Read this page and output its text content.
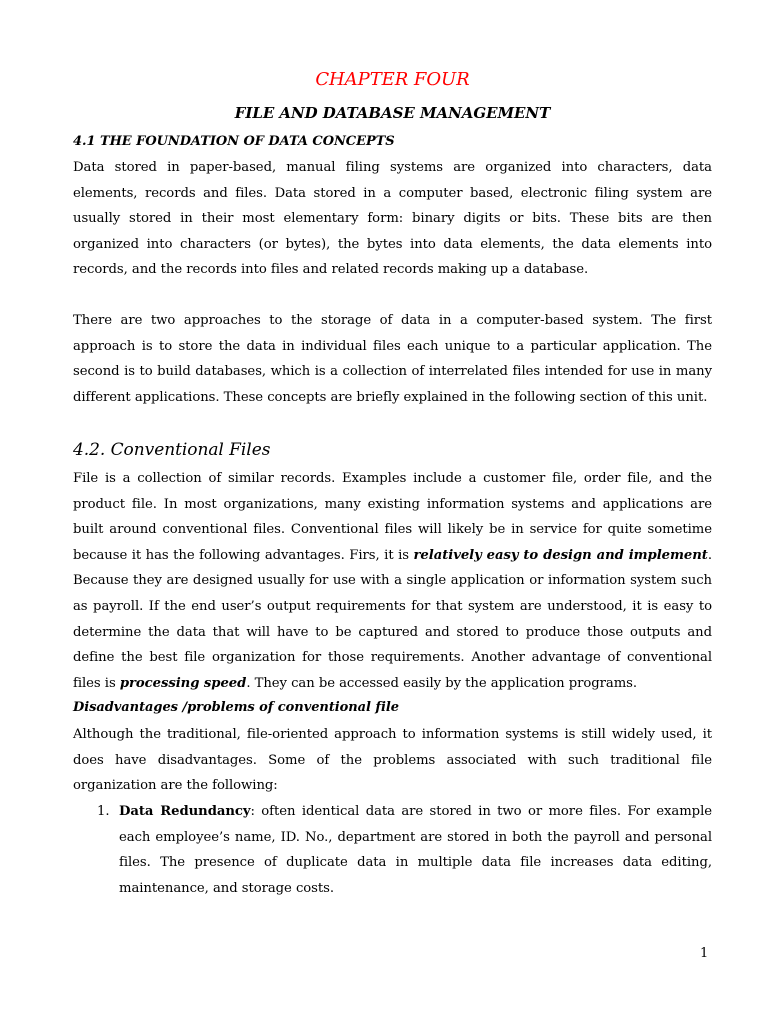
CHAPTER FOUR
FILE AND DATABASE MANAGEMENT
4.1 THE FOUNDATION OF DATA CONCEPTS

Data stored in paper-based, manual filing systems are organized into characters, data elements, records and files. Data stored in a computer based, electronic filing system are usually stored in their most elementary form: binary digits or bits. These bits are then organized into characters (or bytes), the bytes into data elements, the data elements into records, and the records into files and related records making up a database.

There are two approaches to the storage of data in a computer-based system. The first approach is to store the data in individual files each unique to a particular application. The second is to build databases, which is a collection of interrelated files intended for use in many different applications. These concepts are briefly explained in the following section of this unit.

4.2. Conventional Files

File is a collection of similar records. Examples include a customer file, order file, and the product file. In most organizations, many existing information systems and applications are built around conventional files. Conventional files will likely be in service for quite sometime because it has the following advantages. Firs, it is relatively easy to design and implement. Because they are designed usually for use with a single application or information system such as payroll. If the end user’s output requirements for that system are understood, it is easy to determine the data that will have to be captured and stored to produce those outputs and define the best file organization for those requirements. Another advantage of conventional files is processing speed. They can be accessed easily by the application programs.

Disadvantages /problems of conventional file

Although the traditional, file-oriented approach to information systems is still widely used, it does have disadvantages. Some of the problems associated with such traditional file organization are the following:

1. Data Redundancy: often identical data are stored in two or more files. For example each employee’s name, ID. No., department are stored in both the payroll and personal files. The presence of duplicate data in multiple data file increases data editing, maintenance, and storage costs.

1
